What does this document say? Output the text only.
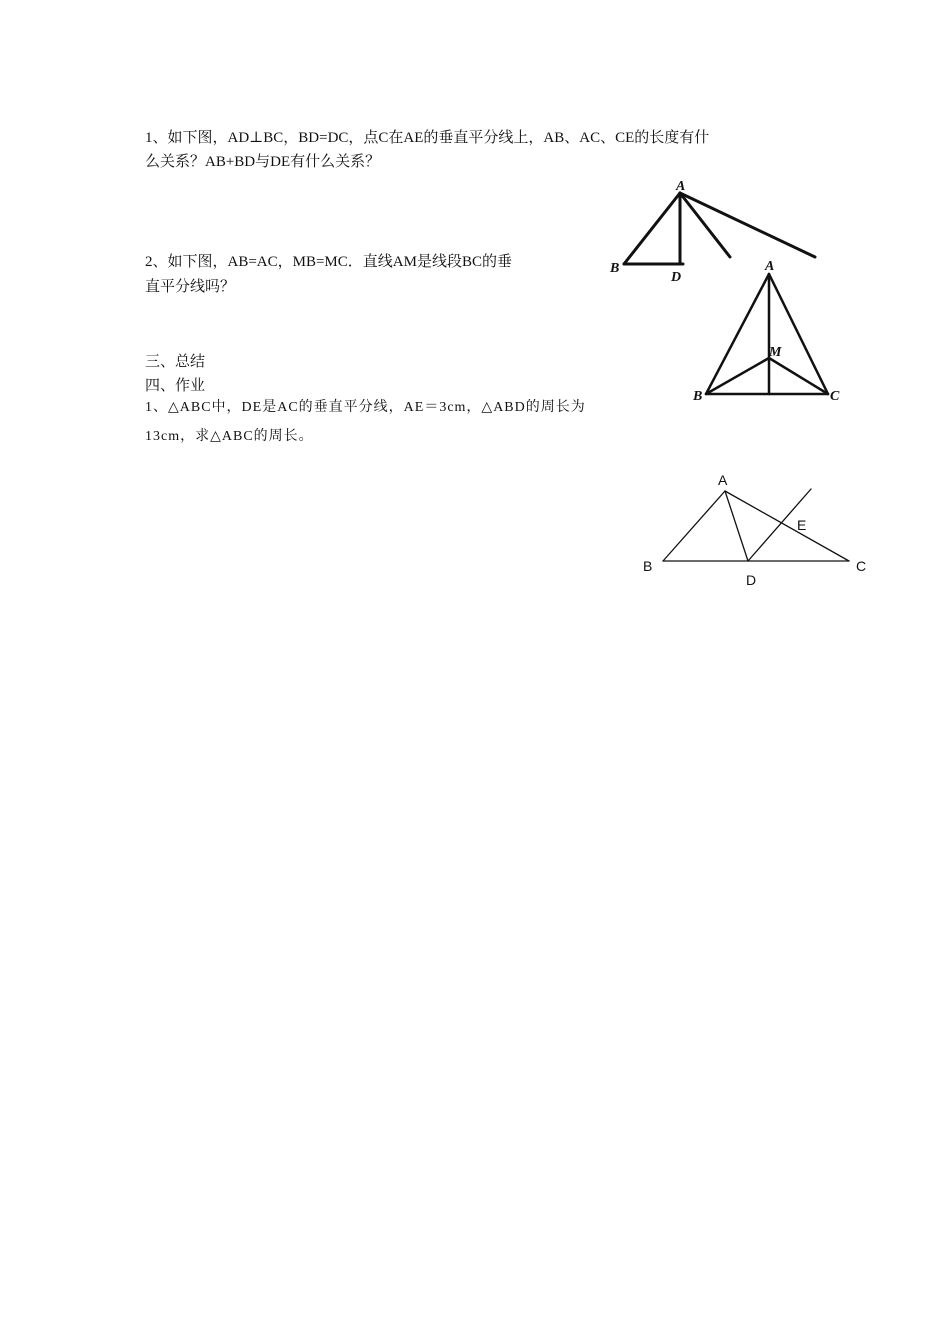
1、如下图，AD⊥BC，BD=DC，点C在AE的垂直平分线上，AB、AC、CE的长度有什
么关系？AB+BD与DE有什么关系？
2、如下图，AB=AC，MB=MC．直线AM是线段BC的垂
直平分线吗？
三、总结
四、作业
1、△ABC中，DE是AC的垂直平分线，AE＝3cm，△ABD的周长为
13cm，求△ABC的周长。
A
B
D
A
M
B	C
A
B	C
D
E
